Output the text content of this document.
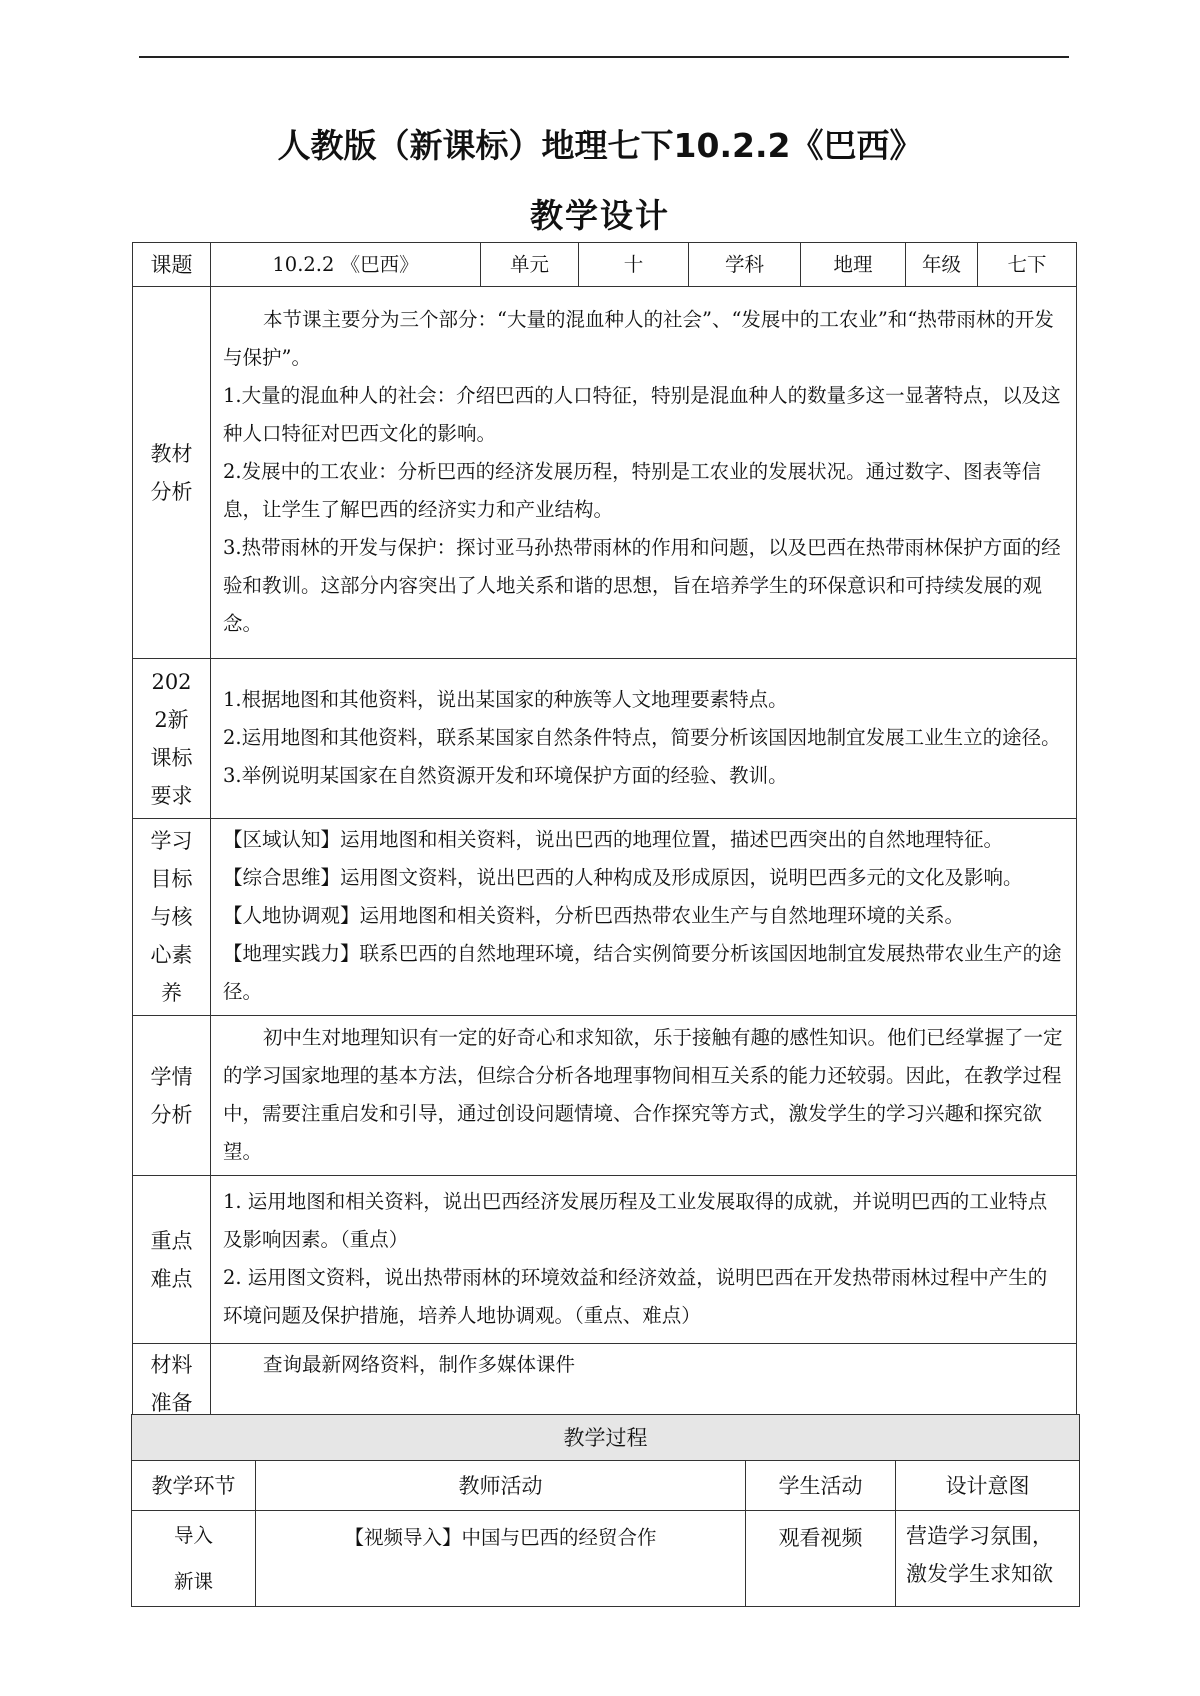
人教版（新课标）地理七下10.2.2《巴西》
教学设计
课题	10.2.2 《巴西》	单元	十	学科	地理	年级	七下

教材分析	本节课主要分为三个部分：“大量的混血种人的社会”、“发展中的工农业”和“热带雨林的开发与保护”。

1.大量的混血种人的社会：介绍巴西的人口特征，特别是混血种人的数量多这一显著特点，以及这种人口特征对巴西文化的影响。

2.发展中的工农业：分析巴西的经济发展历程，特别是工农业的发展状况。通过数字、图表等信息，让学生了解巴西的经济实力和产业结构。

3.热带雨林的开发与保护：探讨亚马孙热带雨林的作用和问题，以及巴西在热带雨林保护方面的经验和教训。这部分内容突出了人地关系和谐的思想，旨在培养学生的环保意识和可持续发展的观念。						

2022新课标要求	1.根据地图和其他资料，说出某国家的种族等人文地理要素特点。

2.运用地图和其他资料，联系某国家自然条件特点，简要分析该国因地制宜发展工业生立的途径。

3.举例说明某国家在自然资源开发和环境保护方面的经验、教训。						

学习目标与核心素养	【区域认知】运用地图和相关资料，说出巴西的地理位置，描述巴西突出的自然地理特征。

【综合思维】运用图文资料，说出巴西的人种构成及形成原因，说明巴西多元的文化及影响。

【人地协调观】运用地图和相关资料，分析巴西热带农业生产与自然地理环境的关系。

【地理实践力】联系巴西的自然地理环境，结合实例简要分析该国因地制宜发展热带农业生产的途径。						

学情分析	初中生对地理知识有一定的好奇心和求知欲，乐于接触有趣的感性知识。他们已经掌握了一定的学习国家地理的基本方法，但综合分析各地理事物间相互关系的能力还较弱。因此，在教学过程中，需要注重启发和引导，通过创设问题情境、合作探究等方式，激发学生的学习兴趣和探究欲望。						

重点难点	1. 运用地图和相关资料，说出巴西经济发展历程及工业发展取得的成就，并说明巴西的工业特点及影响因素。（重点）

2. 运用图文资料，说出热带雨林的环境效益和经济效益，说明巴西在开发热带雨林过程中产生的环境问题及保护措施，培养人地协调观。（重点、难点）						

材料准备	查询最新网络资料，制作多媒体课件						

教学过程			
教学环节	教师活动	学生活动	设计意图

导入新课	【视频导入】中国与巴西的经贸合作	观看视频	营造学习氛围，激发学生求知欲
